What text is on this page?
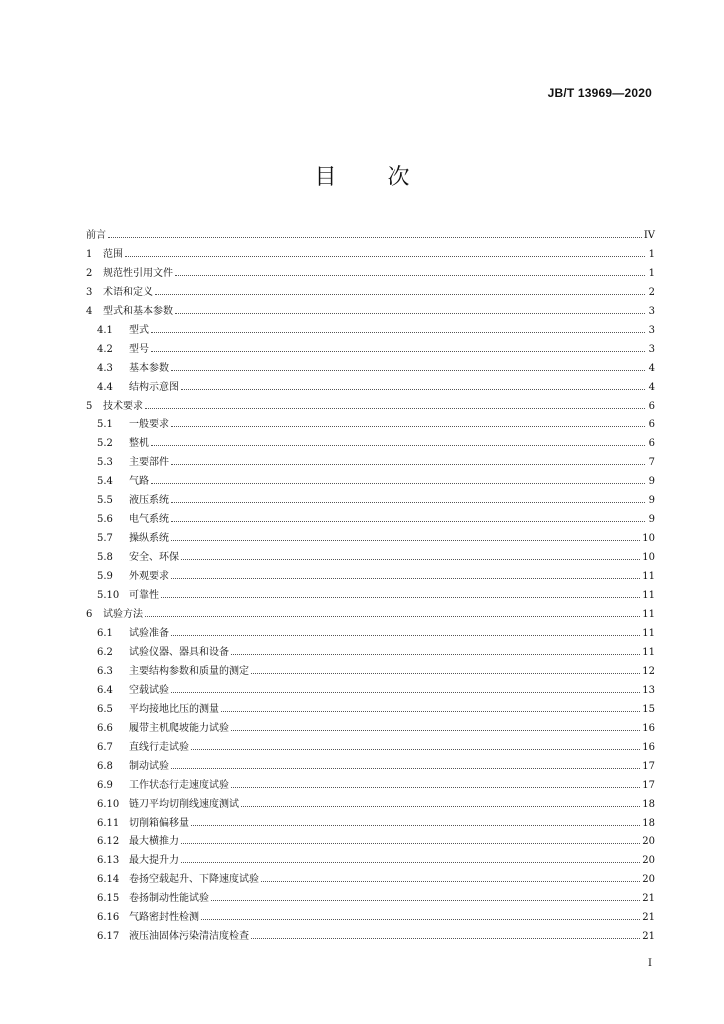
JB/T 13969—2020
目 次
前言	IV
1	范围	1
2	规范性引用文件	1
3	术语和定义	2
4	型式和基本参数	3
4.1	型式	3
4.2	型号	3
4.3	基本参数	4
4.4	结构示意图	4
5	技术要求	6
5.1	一般要求	6
5.2	整机	6
5.3	主要部件	7
5.4	气路	9
5.5	液压系统	9
5.6	电气系统	9
5.7	操纵系统	10
5.8	安全、环保	10
5.9	外观要求	11
5.10 可靠性	11
6	试验方法	11
6.1	试验准备	11
6.2	试验仪器、器具和设备	11
6.3	主要结构参数和质量的测定	12
6.4	空载试验	13
6.5	平均接地比压的测量	15
6.6	履带主机爬坡能力试验	16
6.7	直线行走试验	16
6.8	制动试验	17
6.9	工作状态行走速度试验	17
6.10 链刀平均切削线速度测试	18
6.11 切削箱偏移量	18
6.12 最大横推力	20
6.13 最大提升力	20
6.14 卷扬空载起升、下降速度试验	20
6.15 卷扬制动性能试验	21
6.16 气路密封性检测	21
6.17 液压油固体污染清洁度检查	21
I
